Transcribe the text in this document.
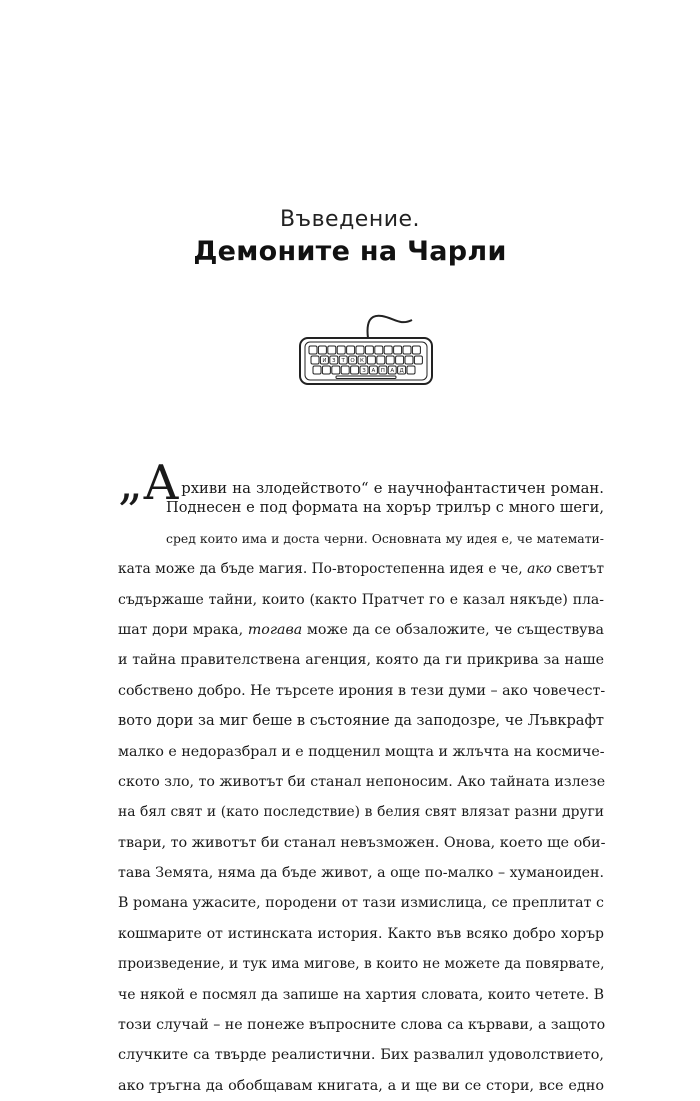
Въведение.
Демоните на Чарли
И З Т О К
З А П А Д
„Архиви на злодейството“ е научнофантастичен роман.
Поднесен е под формата на хорър трилър с много шеги,
сред които има и доста черни. Основната му идея е, че математи-
ката може да бъде магия. По-второстепенна идея е че, ако светът
съдържаше тайни, които (както Пратчет го е казал някъде) пла-
шат дори мрака, тогава може да се обзаложите, че съществува
и тайна правителствена агенция, която да ги прикрива за наше
собствено добро. Не търсете ирония в тези думи – ако човечест-
вото дори за миг беше в състояние да заподозре, че Лъвкрафт
малко е недоразбрал и е подценил мощта и жлъчта на космиче-
ското зло, то животът би станал непоносим. Ако тайната излезе
на бял свят и (като последствие) в белия свят влязат разни други
твари, то животът би станал невъзможен. Онова, което ще оби-
тава Земята, няма да бъде живот, а още по-малко – хуманоиден.
В романа ужасите, породени от тази измислица, се преплитат с
кошмарите от истинската история. Както във всяко добро хорър
произведение, и тук има мигове, в които не можете да повярвате,
че някой е посмял да запише на хартия словата, които четете. В
този случай – не понеже въпросните слова са кървави, а защото
случките са твърде реалистични. Бих развалил удоволствието,
ако тръгна да обобщавам книгата, а и ще ви се стори, все едно
